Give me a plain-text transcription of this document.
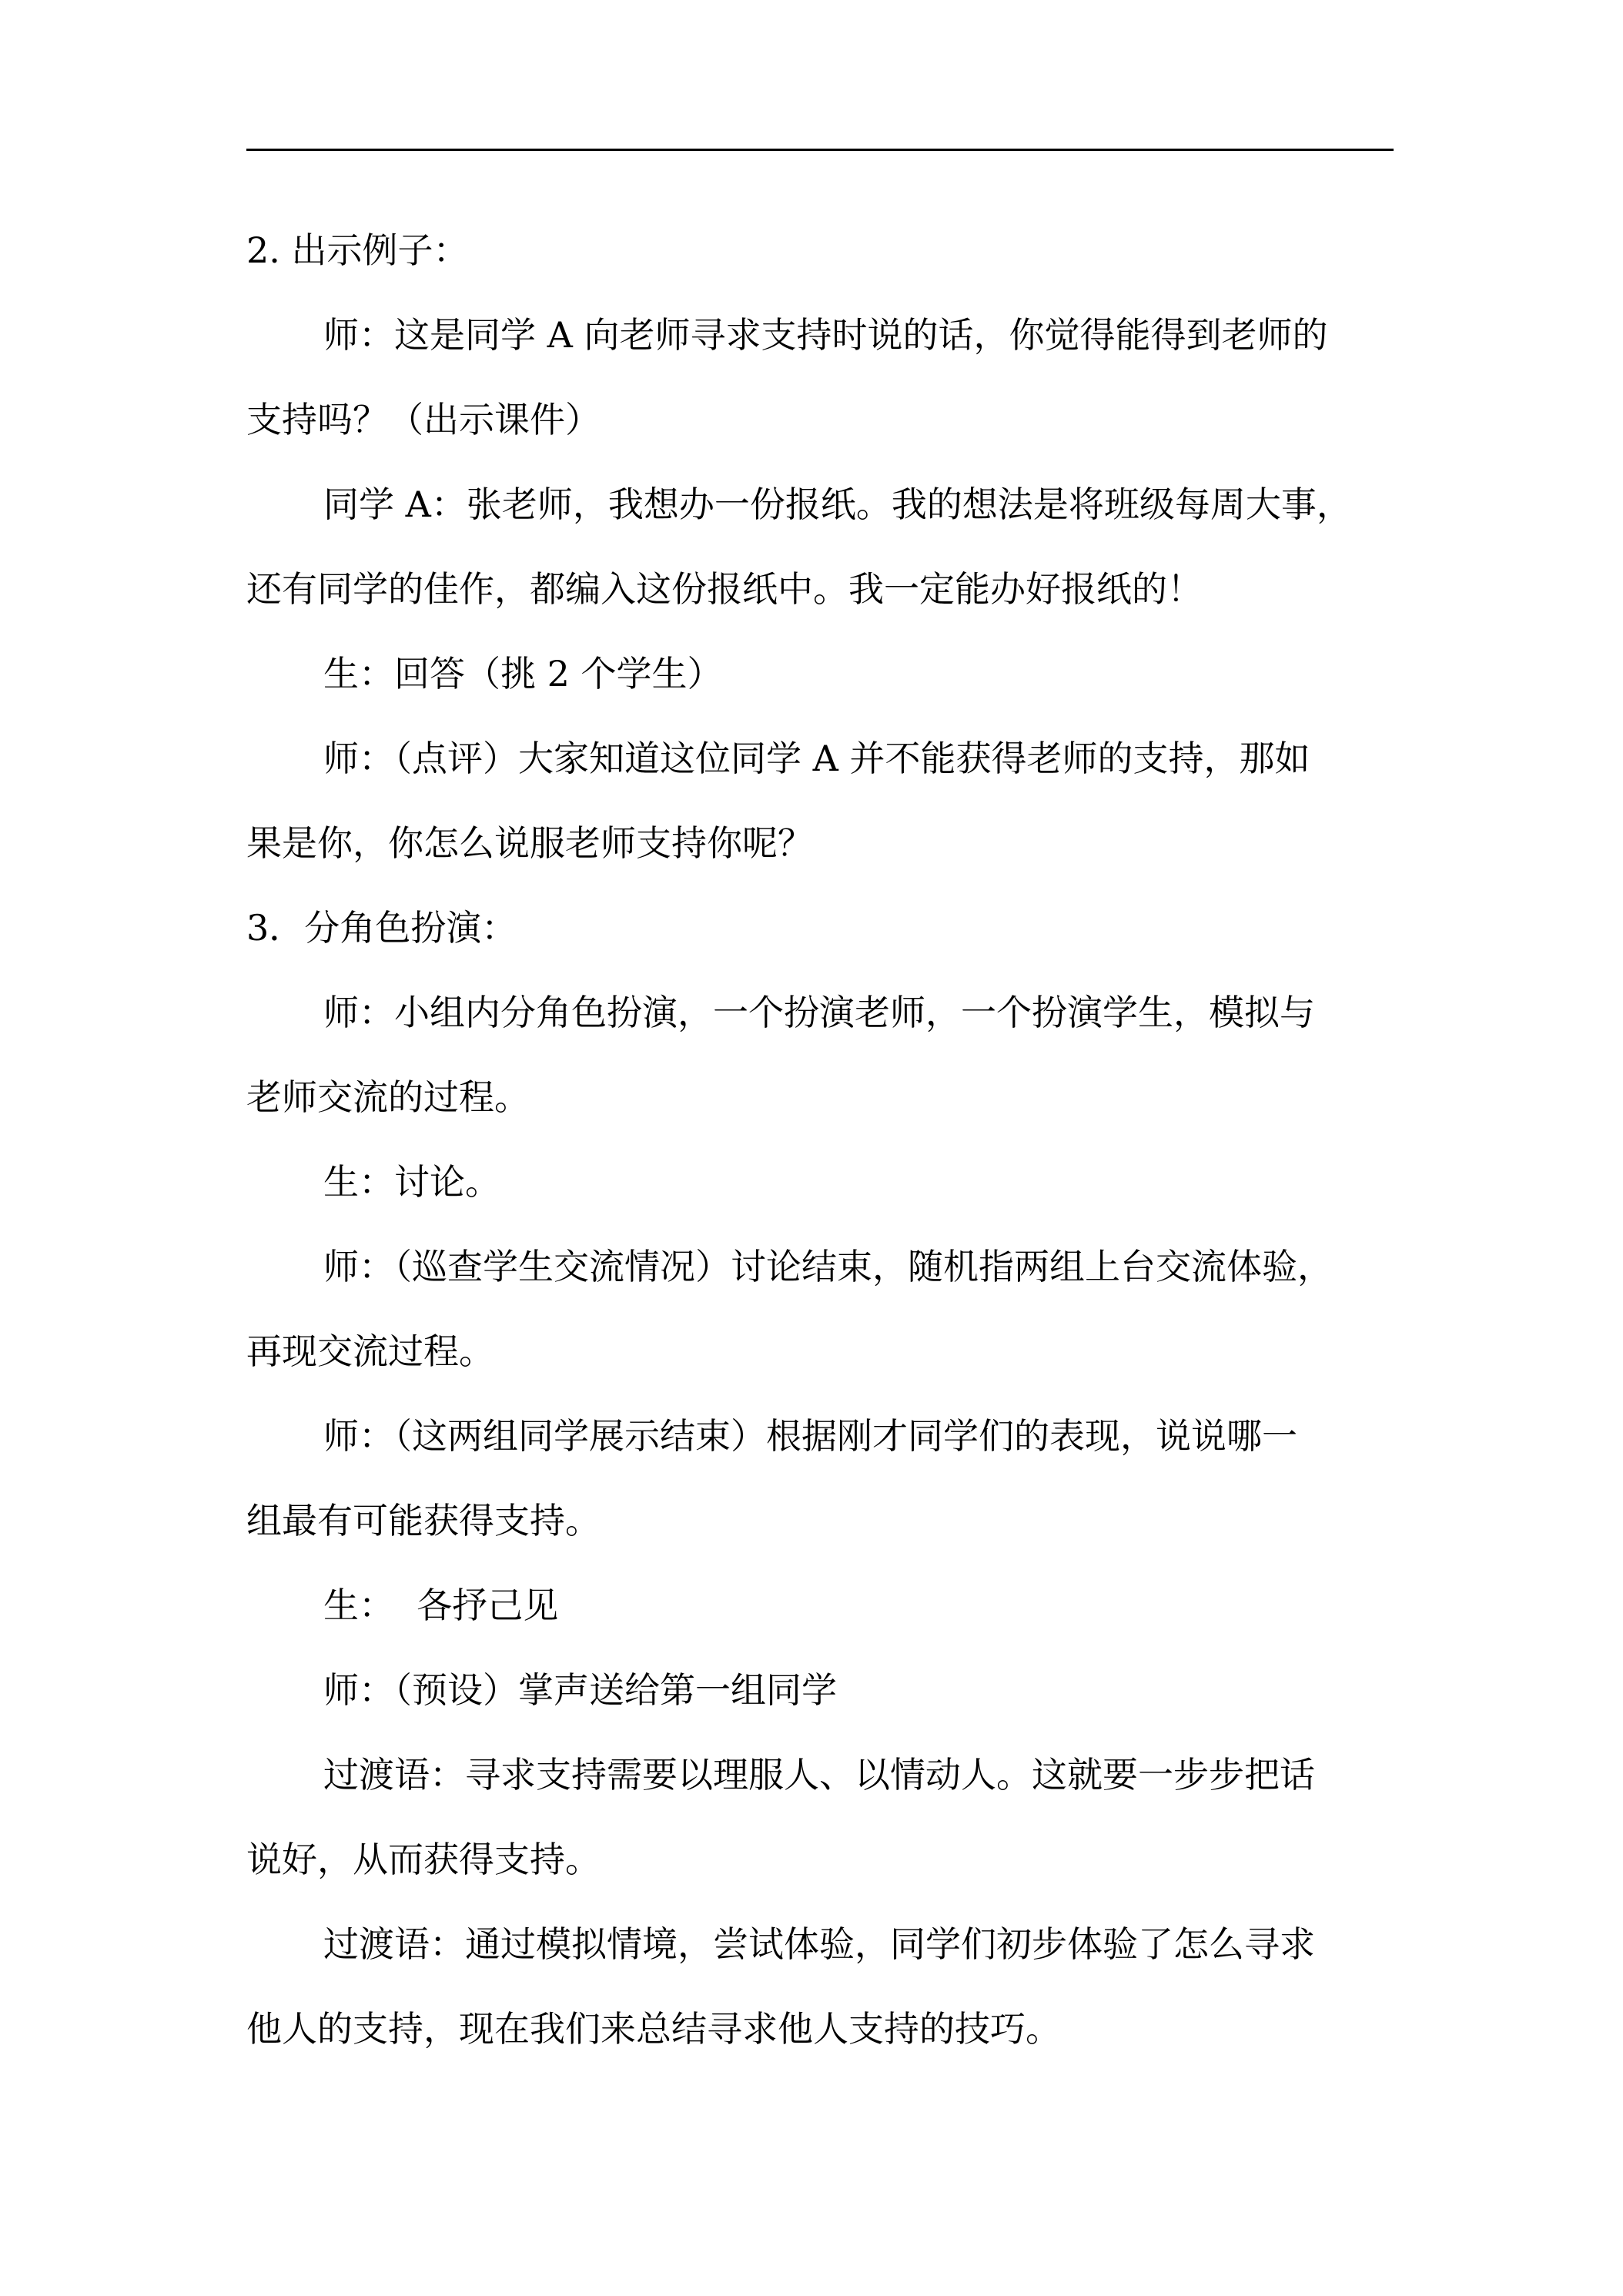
2. 出示例子：

师：这是同学 A 向老师寻求支持时说的话，你觉得能得到老师的

支持吗？（出示课件）

同学 A：张老师，我想办一份报纸。我的想法是将班级每周大事，

还有同学的佳作，都编入这份报纸中。我一定能办好报纸的！

生：回答（挑 2 个学生）

师：（点评）大家知道这位同学 A 并不能获得老师的支持，那如

果是你，你怎么说服老师支持你呢？

3．分角色扮演：

师：小组内分角色扮演，一个扮演老师，一个扮演学生，模拟与

老师交流的过程。

生：讨论。

师：（巡查学生交流情况）讨论结束，随机指两组上台交流体验，

再现交流过程。

师：（这两组同学展示结束）根据刚才同学们的表现，说说哪一

组最有可能获得支持。

生：  各抒己见

师：（预设）掌声送给第一组同学

过渡语：寻求支持需要以理服人、以情动人。这就要一步步把话

说好，从而获得支持。

过渡语：通过模拟情境，尝试体验，同学们初步体验了怎么寻求

他人的支持，现在我们来总结寻求他人支持的技巧。
